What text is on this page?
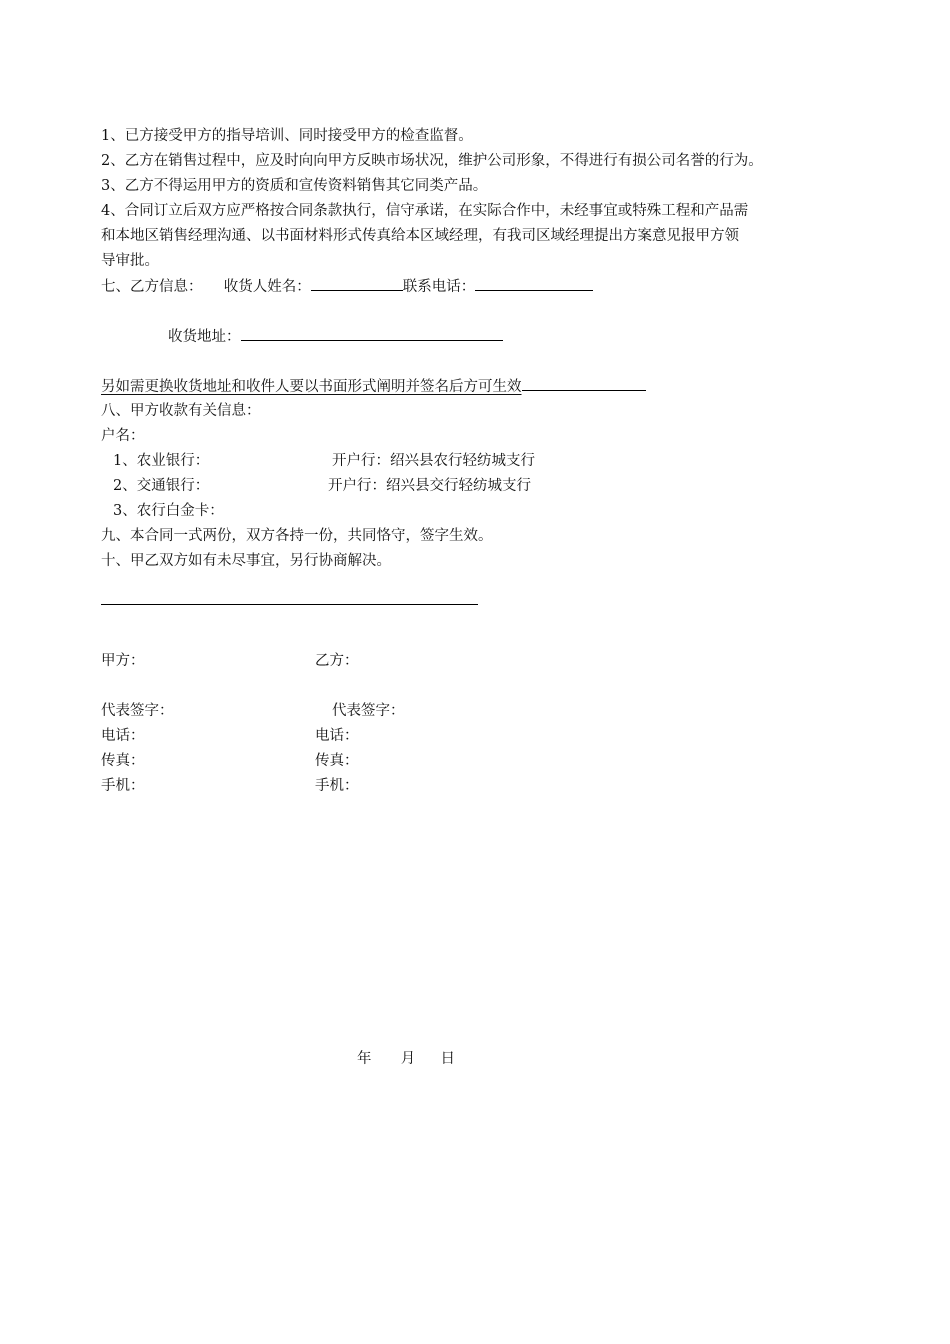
1、已方接受甲方的指导培训、同时接受甲方的检查监督。
2、乙方在销售过程中，应及时向向甲方反映市场状况，维护公司形象，不得进行有损公司名誉的行为。
3、乙方不得运用甲方的资质和宣传资料销售其它同类产品。
4、合同订立后双方应严格按合同条款执行，信守承诺，在实际合作中，未经事宜或特殊工程和产品需
和本地区销售经理沟通、以书面材料形式传真给本区域经理，有我司区域经理提出方案意见报甲方领
导审批。
七、乙方信息： 收货人姓名：	联系电话：
收货地址：
另如需更换收货地址和收件人要以书面形式阐明并签名后方可生效
八、甲方收款有关信息：
户名：
1、农业银行：	开户行：绍兴县农行轻纺城支行
2、交通银行：	开户行：绍兴县交行轻纺城支行
3、农行白金卡：
九、本合同一式两份，双方各持一份，共同恪守，签字生效。
十、甲乙双方如有未尽事宜，另行协商解决。
甲方：	乙方：
代表签字：	代表签字：
电话：	电话：
传真：	传真：
手机：	手机：
年 月 日
